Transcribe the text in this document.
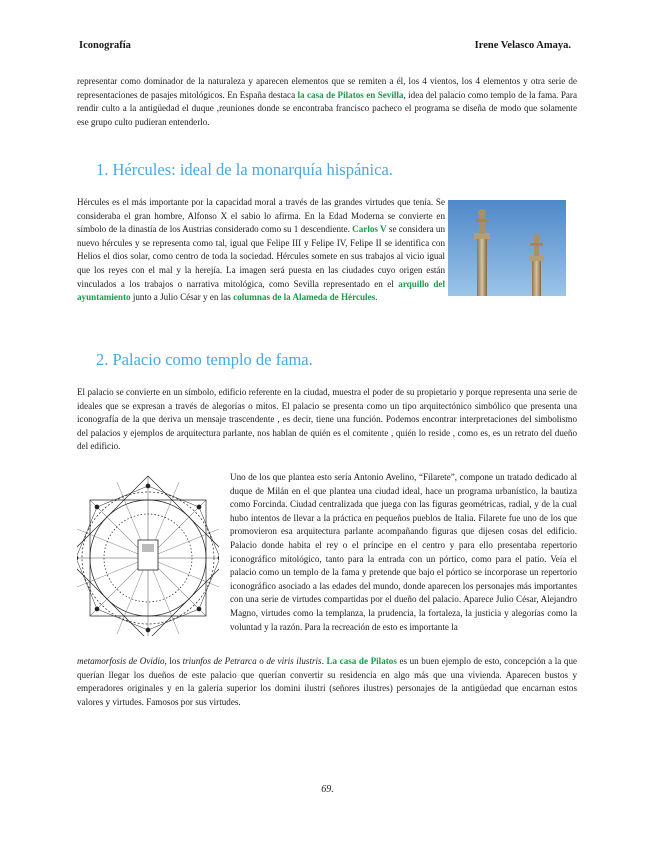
Iconografía	Irene Velasco Amaya.

representar como dominador de la naturaleza y aparecen elementos que se remiten a él, los 4 vientos, los 4 elementos y otra serie de representaciones de pasajes mitológicos. En España destaca la casa de Pilatos en Sevilla, idea del palacio como templo de la fama. Para rendir culto a la antigüedad el duque ,reuniones donde se encontraba francisco pacheco el programa se diseña de modo que solamente ese grupo culto pudieran entenderlo.

1. Hércules: ideal de la monarquía hispánica.

Hércules es el más importante por la capacidad moral a través de las grandes virtudes que tenía. Se consideraba el gran hombre, Alfonso X el sabio lo afirma. En la Edad Moderna se convierte en símbolo de la dinastía de los Austrias considerado como su 1 descendiente. Carlos V se considera un nuevo hércules y se representa como tal, igual que Felipe III y Felipe IV, Felipe II se identifica con Helios el dios solar, como centro de toda la sociedad. Hércules somete en sus trabajos al vicio igual que los reyes con el mal y la herejía. La imagen será puesta en las ciudades cuyo origen están vinculados a los trabajos o narrativa mitológica, como Sevilla representado en el arquillo del ayuntamiento junto a Julio César y en las columnas de la Alameda de Hércules.

2. Palacio como templo de fama.

El palacio se convierte en un símbolo, edificio referente en la ciudad, muestra el poder de su propietario y porque representa una serie de ideales que se expresan a través de alegorías o mitos. El palacio se presenta como un tipo arquitectónico simbólico que presenta una iconografía de la que deriva un mensaje trascendente , es decir, tiene una función. Podemos encontrar interpretaciones del simbolismo del palacios y ejemplos de arquitectura parlante, nos hablan de quién es el comitente , quién lo reside , como es, es un retrato del dueño del edificio.

Uno de los que plantea esto sería Antonio Avelino, “Filarete”, compone un tratado dedicado al duque de Milán en el que plantea una ciudad ideal, hace un programa urbanístico, la bautiza como Forcinda. Ciudad centralizada que juega con las figuras geométricas, radial, y de la cual hubo intentos de llevar a la práctica en pequeños pueblos de Italia. Filarete fue uno de los que promovieron esa arquitectura parlante acompañando figuras que dijesen cosas del edificio. Palacio donde habita el rey o el príncipe en el centro y para ello presentaba repertorio iconográfico mitológico, tanto para la entrada con un pórtico, como para el patio. Veía el palacio como un templo de la fama y pretende que bajo el pórtico se incorporase un repertorio iconográfico asociado a las edades del mundo, donde aparecen los personajes más importantes con una serie de virtudes compartidas por el dueño del palacio. Aparece Julio César, Alejandro Magno, virtudes como la templanza, la prudencia, la fortaleza, la justicia y alegorías como la voluntad y la razón. Para la recreación de esto es importante la

metamorfosis de Ovidio, los triunfos de Petrarca o de viris ilustris. La casa de Pilatos es un buen ejemplo de esto, concepción a la que querían llegar los dueños de este palacio que querían convertir su residencia en algo más que una vivienda. Aparecen bustos y emperadores originales y en la galería superior los domini ilustri (señores ilustres) personajes de la antigüedad que encarnan estos valores y virtudes. Famosos por sus virtudes.

69.
